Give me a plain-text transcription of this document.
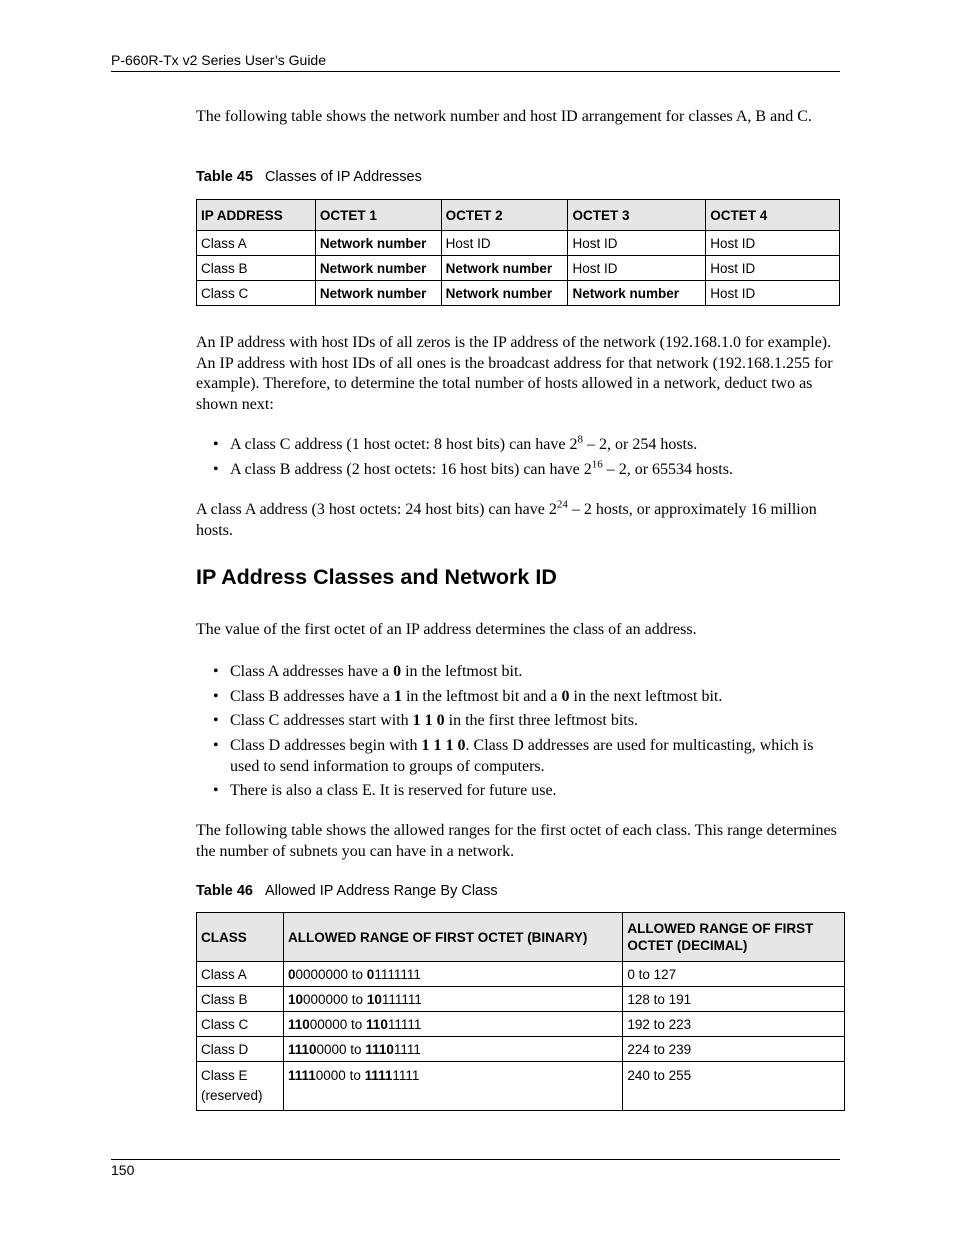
P-660R-Tx v2 Series User’s Guide

The following table shows the network number and host ID arrangement for classes A, B and C.

Table 45 Classes of IP Addresses
IP ADDRESS	OCTET 1	OCTET 2	OCTET 3	OCTET 4
Class A	Network number	Host ID	Host ID	Host ID
Class B	Network number	Network number	Host ID	Host ID
Class C	Network number	Network number	Network number	Host ID

An IP address with host IDs of all zeros is the IP address of the network (192.168.1.0 for example). An IP address with host IDs of all ones is the broadcast address for that network (192.168.1.255 for example). Therefore, to determine the total number of hosts allowed in a network, deduct two as shown next:

• A class C address (1 host octet: 8 host bits) can have $2^8 - 2$, or 254 hosts.
• A class B address (2 host octets: 16 host bits) can have $2^{16} - 2$, or 65534 hosts.

A class A address (3 host octets: 24 host bits) can have $2^{24} - 2$ hosts, or approximately 16 million hosts.

IP Address Classes and Network ID

The value of the first octet of an IP address determines the class of an address.

• Class A addresses have a 0 in the leftmost bit.
• Class B addresses have a 1 in the leftmost bit and a 0 in the next leftmost bit.
• Class C addresses start with 1 1 0 in the first three leftmost bits.
• Class D addresses begin with 1 1 1 0. Class D addresses are used for multicasting, which is used to send information to groups of computers.
• There is also a class E. It is reserved for future use.

The following table shows the allowed ranges for the first octet of each class. This range determines the number of subnets you can have in a network.

Table 46 Allowed IP Address Range By Class
CLASS	ALLOWED RANGE OF FIRST OCTET (BINARY)	ALLOWED RANGE OF FIRST OCTET (DECIMAL)
Class A	00000000 to 01111111	0 to 127
Class B	10000000 to 10111111	128 to 191
Class C	11000000 to 11011111	192 to 223
Class D	11100000 to 11101111	224 to 239
Class E
(reserved)	11110000 to 11111111	240 to 255
150
